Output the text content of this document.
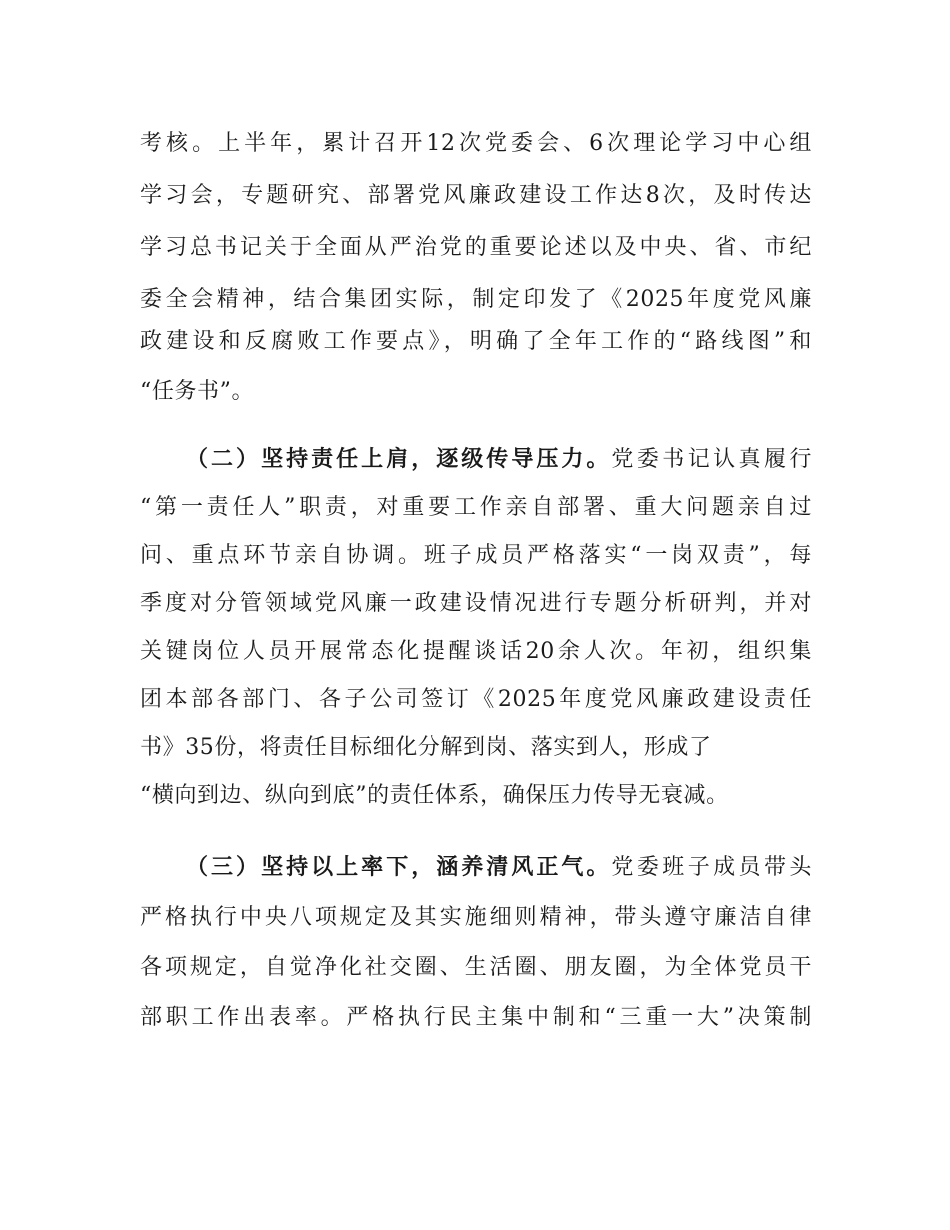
考核。上半年，累计召开12次党委会、6次理论学习中心组
学习会，专题研究、部署党风廉政建设工作达8次，及时传达
学习总书记关于全面从严治党的重要论述以及中央、省、市纪
委全会精神，结合集团实际，制定印发了《2025年度党风廉
政建设和反腐败工作要点》，明确了全年工作的“路线图”和
“任务书”。
（二）坚持责任上肩，逐级传导压力。党委书记认真履行
“第一责任人”职责，对重要工作亲自部署、重大问题亲自过
问、重点环节亲自协调。班子成员严格落实“一岗双责”，每
季度对分管领域党风廉一政建设情况进行专题分析研判，并对
关键岗位人员开展常态化提醒谈话20余人次。年初，组织集
团本部各部门、各子公司签订《2025年度党风廉政建设责任
书》35份，将责任目标细化分解到岗、落实到人，形成了
“横向到边、纵向到底”的责任体系，确保压力传导无衰减。
（三）坚持以上率下，涵养清风正气。党委班子成员带头
严格执行中央八项规定及其实施细则精神，带头遵守廉洁自律
各项规定，自觉净化社交圈、生活圈、朋友圈，为全体党员干
部职工作出表率。严格执行民主集中制和“三重一大”决策制
